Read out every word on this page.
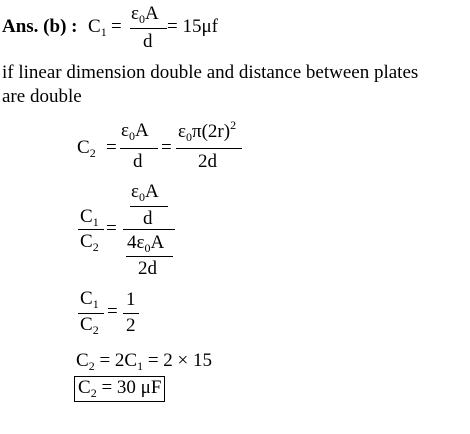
Ans. (b) : $C_1$ =
$\varepsilon_0A$
d
= 15μf
if linear dimension double and distance between plates
are double
$C_2$ =
$\varepsilon_0A$
d
=
$\varepsilon_0\pi(2r)^2$
2d
$C_1$
$C_2$
=
$\varepsilon_0A$
d
$4\varepsilon_0A$
2d
$C_1$
$C_2$
=
1
2
$C_2 = 2C_1 = 2 \times 15$
$C_2 = 30$ μF
